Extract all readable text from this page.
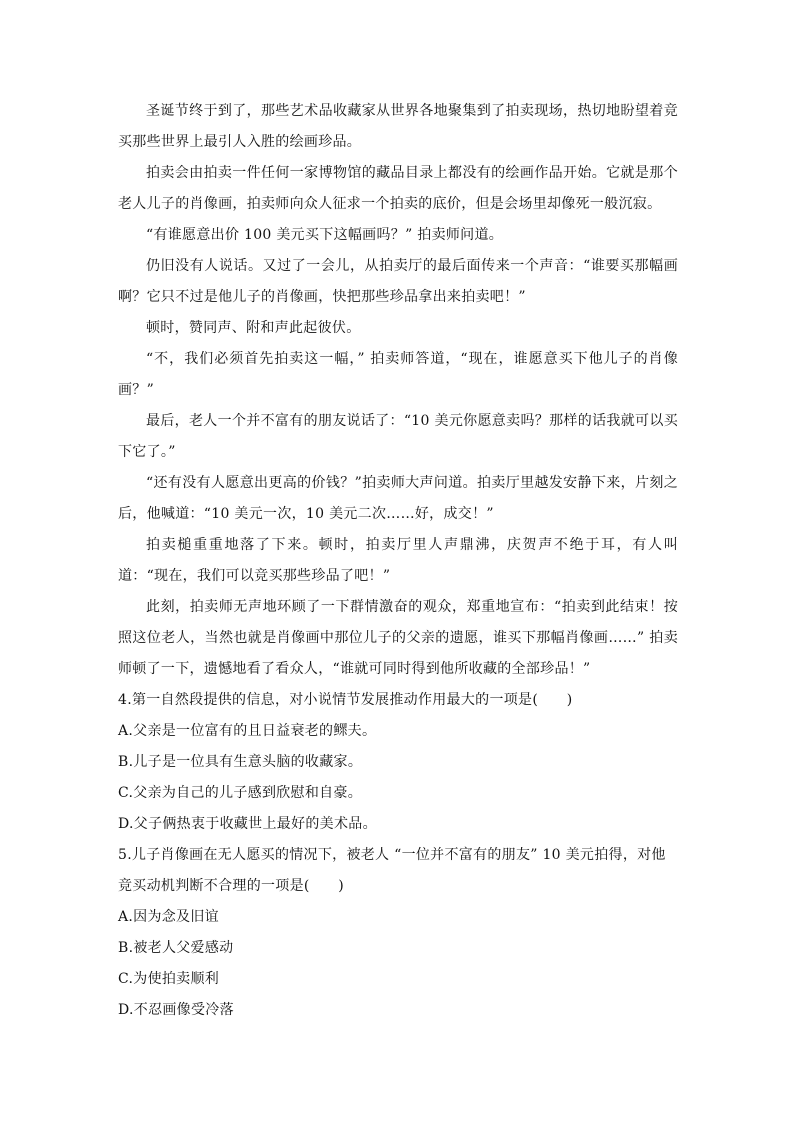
圣诞节终于到了，那些艺术品收藏家从世界各地聚集到了拍卖现场，热切地盼望着竞买那些世界上最引人入胜的绘画珍品。

拍卖会由拍卖一件任何一家博物馆的藏品目录上都没有的绘画作品开始。它就是那个老人儿子的肖像画，拍卖师向众人征求一个拍卖的底价，但是会场里却像死一般沉寂。

“有谁愿意出价 100 美元买下这幅画吗？” 拍卖师问道。

仍旧没有人说话。又过了一会儿，从拍卖厅的最后面传来一个声音：“谁要买那幅画啊？它只不过是他儿子的肖像画，快把那些珍品拿出来拍卖吧！”

顿时，赞同声、附和声此起彼伏。

“不，我们必须首先拍卖这一幅，” 拍卖师答道，“现在，谁愿意买下他儿子的肖像画？”

最后，老人一个并不富有的朋友说话了：“10 美元你愿意卖吗？那样的话我就可以买下它了。”

“还有没有人愿意出更高的价钱？”拍卖师大声问道。拍卖厅里越发安静下来，片刻之后，他喊道：“10 美元一次，10 美元二次……好，成交！”

拍卖槌重重地落了下来。顿时，拍卖厅里人声鼎沸，庆贺声不绝于耳，有人叫道：“现在，我们可以竞买那些珍品了吧！”

此刻，拍卖师无声地环顾了一下群情激奋的观众，郑重地宣布：“拍卖到此结束！按照这位老人，当然也就是肖像画中那位儿子的父亲的遗愿，谁买下那幅肖像画……” 拍卖师顿了一下，遗憾地看了看众人，“谁就可同时得到他所收藏的全部珍品！”

4.第一自然段提供的信息，对小说情节发展推动作用最大的一项是(　　)

A.父亲是一位富有的且日益衰老的鳏夫。

B.儿子是一位具有生意头脑的收藏家。

C.父亲为自己的儿子感到欣慰和自豪。

D.父子俩热衷于收藏世上最好的美术品。

5.儿子肖像画在无人愿买的情况下，被老人 “一位并不富有的朋友” 10 美元拍得，对他竞买动机判断不合理的一项是(　　)

A.因为念及旧谊

B.被老人父爱感动

C.为使拍卖顺利

D.不忍画像受冷落
